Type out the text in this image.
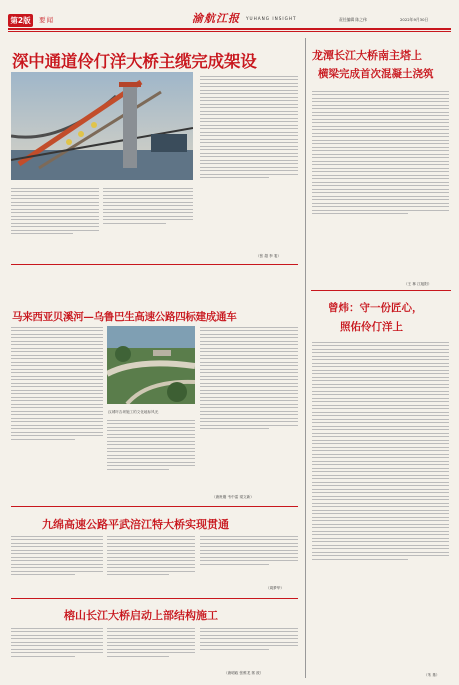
第2版	要闻	渝航江报 YUHANG INSIGHT	责任编辑 陈之伟	2022年9月30日
深中通道伶仃洋大桥主缆完成架设
（张 超 李 斐）
龙潭长江大桥南主塔上
横梁完成首次混凝土浇筑
（王 林 江旭阳）
马来西亚贝溪河—乌鲁巴生高速公路四标建成通车
汉城吓吉坝施工的文化地标风光
（唐贵刚 韦中雷 梁文新）
九绵高速公路平武涪江特大桥实现贯通
（周梦华）
榕山长江大桥启动上部结构施工
（唐明政 张维龙 郭 波）
曾炜：守一份匠心，
照佑伶仃洋上
（朱 基）
